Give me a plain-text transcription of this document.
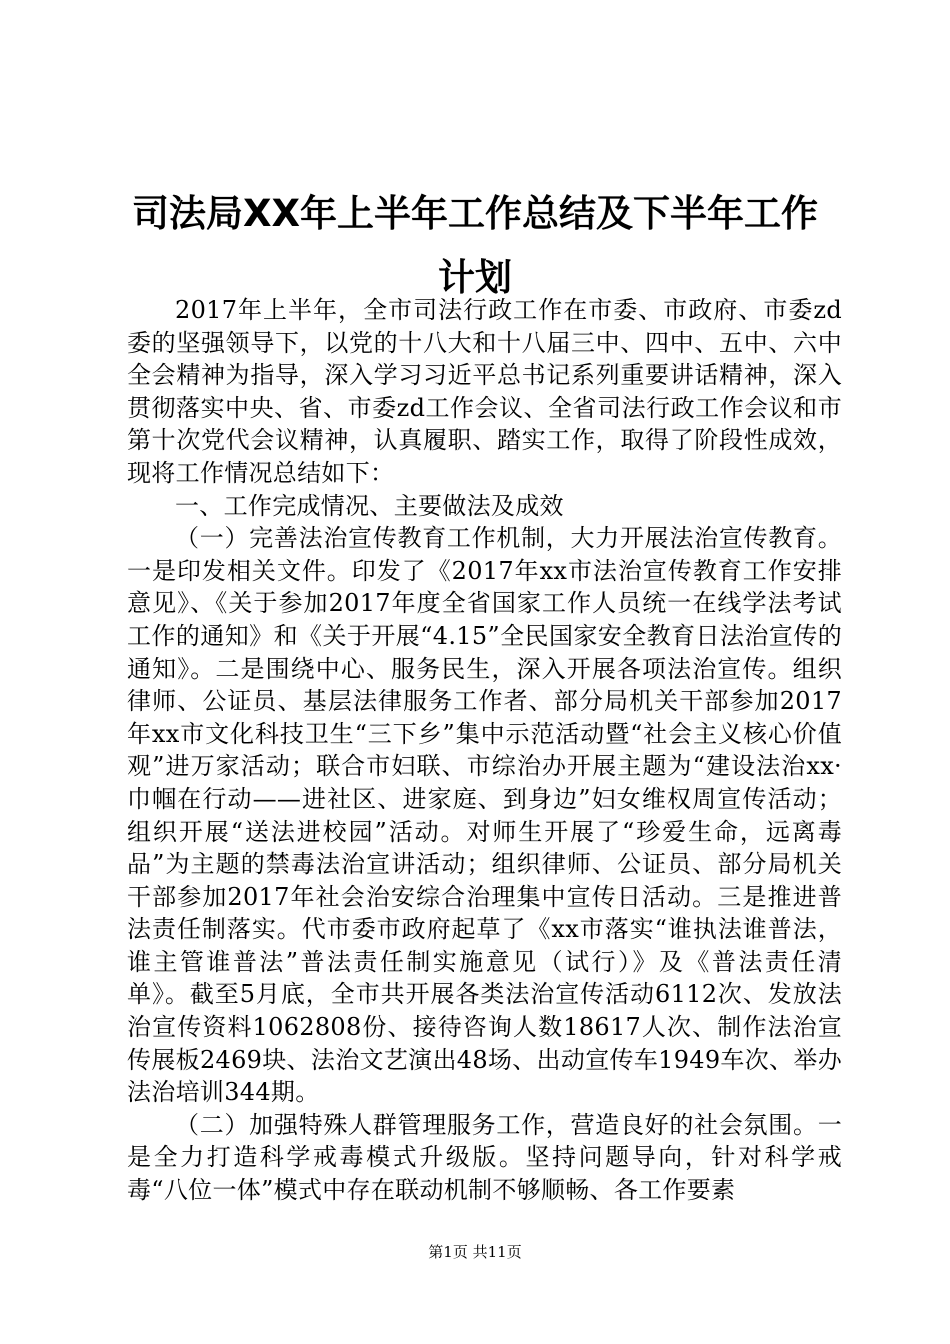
司法局XX年上半年工作总结及下半年工作计划

2017年上半年，全市司法行政工作在市委、市政府、市委zd委的坚强领导下，以党的十八大和十八届三中、四中、五中、六中全会精神为指导，深入学习习近平总书记系列重要讲话精神，深入贯彻落实中央、省、市委zd工作会议、全省司法行政工作会议和市第十次党代会议精神，认真履职、踏实工作，取得了阶段性成效，现将工作情况总结如下：

一、工作完成情况、主要做法及成效

（一）完善法治宣传教育工作机制，大力开展法治宣传教育。一是印发相关文件。印发了《2017年xx市法治宣传教育工作安排意见》、《关于参加2017年度全省国家工作人员统一在线学法考试工作的通知》和《关于开展“4.15”全民国家安全教育日法治宣传的通知》。二是围绕中心、服务民生，深入开展各项法治宣传。组织律师、公证员、基层法律服务工作者、部分局机关干部参加2017年xx市文化科技卫生“三下乡”集中示范活动暨“社会主义核心价值观”进万家活动；联合市妇联、市综治办开展主题为“建设法治xx·巾帼在行动——进社区、进家庭、到身边”妇女维权周宣传活动；组织开展“送法进校园”活动。对师生开展了“珍爱生命，远离毒品”为主题的禁毒法治宣讲活动；组织律师、公证员、部分局机关干部参加2017年社会治安综合治理集中宣传日活动。三是推进普法责任制落实。代市委市政府起草了《xx市落实“谁执法谁普法，谁主管谁普法”普法责任制实施意见（试行）》及《普法责任清单》。截至5月底，全市共开展各类法治宣传活动6112次、发放法治宣传资料1062808份、接待咨询人数18617人次、制作法治宣传展板2469块、法治文艺演出48场、出动宣传车1949车次、举办法治培训344期。

（二）加强特殊人群管理服务工作，营造良好的社会氛围。一是全力打造科学戒毒模式升级版。坚持问题导向，针对科学戒毒“八位一体”模式中存在联动机制不够顺畅、各工作要素

第1页 共11页
